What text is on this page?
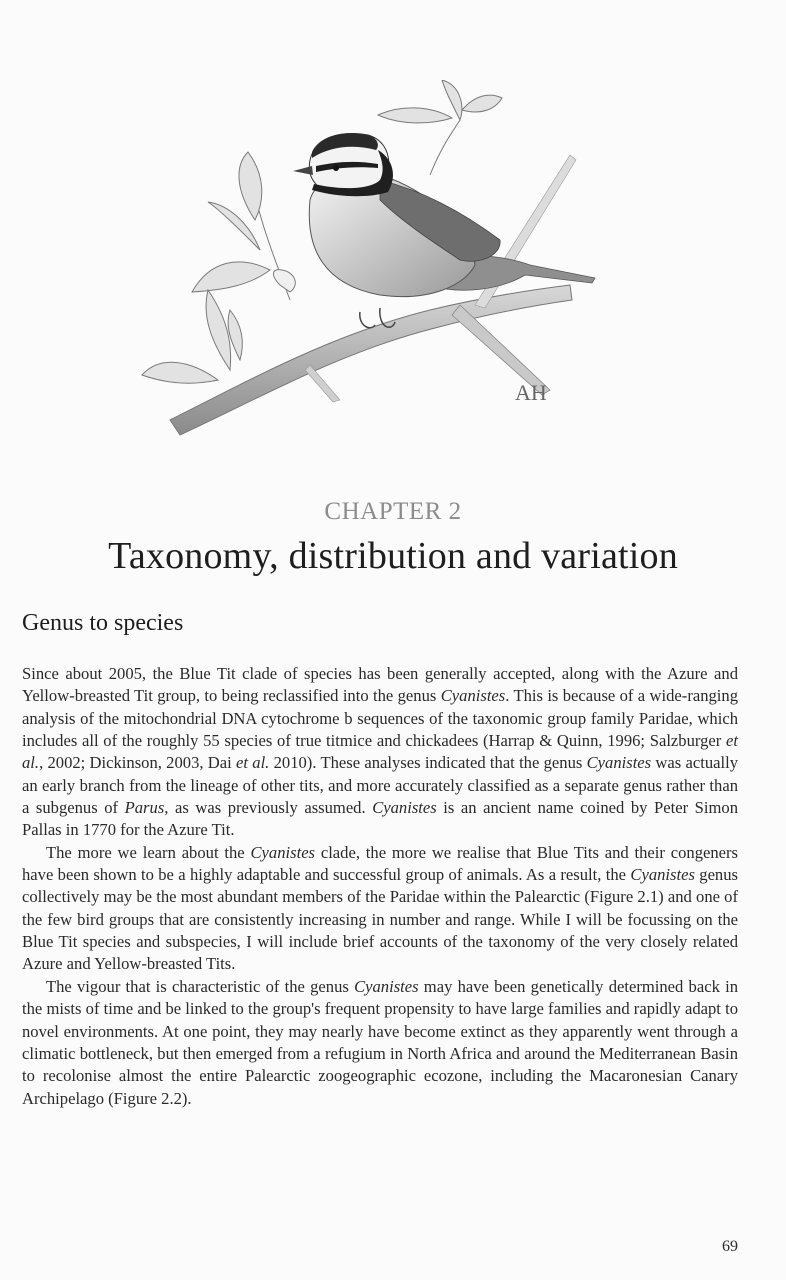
AH
CHAPTER 2
Taxonomy, distribution and variation
Genus to species

Since about 2005, the Blue Tit clade of species has been generally accepted, along with the Azure and Yellow-breasted Tit group, to being reclassified into the genus Cyanistes. This is because of a wide-ranging analysis of the mitochondrial DNA cytochrome b sequences of the taxonomic group family Paridae, which includes all of the roughly 55 species of true titmice and chickadees (Harrap & Quinn, 1996; Salzburger et al., 2002; Dickinson, 2003, Dai et al. 2010). These analyses indicated that the genus Cyanistes was actually an early branch from the lineage of other tits, and more accurately classified as a separate genus rather than a subgenus of Parus, as was previously assumed. Cyanistes is an ancient name coined by Peter Simon Pallas in 1770 for the Azure Tit.

The more we learn about the Cyanistes clade, the more we realise that Blue Tits and their congeners have been shown to be a highly adaptable and successful group of animals. As a result, the Cyanistes genus collectively may be the most abundant members of the Paridae within the Palearctic (Figure 2.1) and one of the few bird groups that are consistently increasing in number and range. While I will be focussing on the Blue Tit species and subspecies, I will include brief accounts of the taxonomy of the very closely related Azure and Yellow-breasted Tits.

The vigour that is characteristic of the genus Cyanistes may have been genetically determined back in the mists of time and be linked to the group's frequent propensity to have large families and rapidly adapt to novel environments. At one point, they may nearly have become extinct as they apparently went through a climatic bottleneck, but then emerged from a refugium in North Africa and around the Mediterranean Basin to recolonise almost the entire Palearctic zoogeographic ecozone, including the Macaronesian Canary Archipelago (Figure 2.2).

69
